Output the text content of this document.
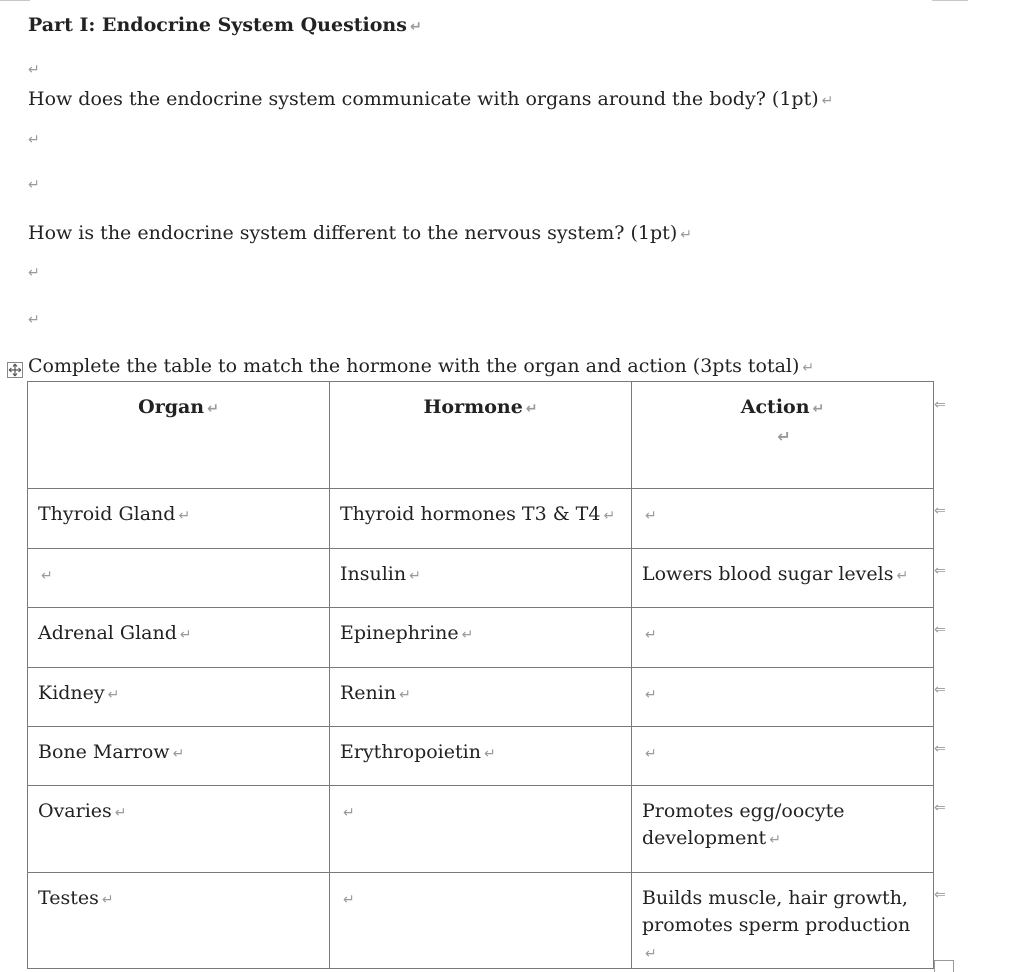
Part I: Endocrine System Questions ↵
↵
How does the endocrine system communicate with organs around the body? (1pt) ↵
↵
↵
How is the endocrine system different to the nervous system? (1pt) ↵
↵
↵
Complete the table to match the hormone with the organ and action (3pts total) ↵
Organ ↵	Hormone ↵	Action ↵
↵
Thyroid Gland ↵	Thyroid hormones T3 & T4 ↵	↵
↵	Insulin ↵	Lowers blood sugar levels ↵
Adrenal Gland ↵	Epinephrine ↵	↵
Kidney ↵	Renin ↵	↵
Bone Marrow ↵	Erythropoietin ↵	↵
Ovaries ↵	↵	Promotes egg/oocyte development ↵
Testes ↵	↵	Builds muscle, hair growth, promotes sperm production ↵
⇐
⇐
⇐
⇐
⇐
⇐
⇐
⇐
